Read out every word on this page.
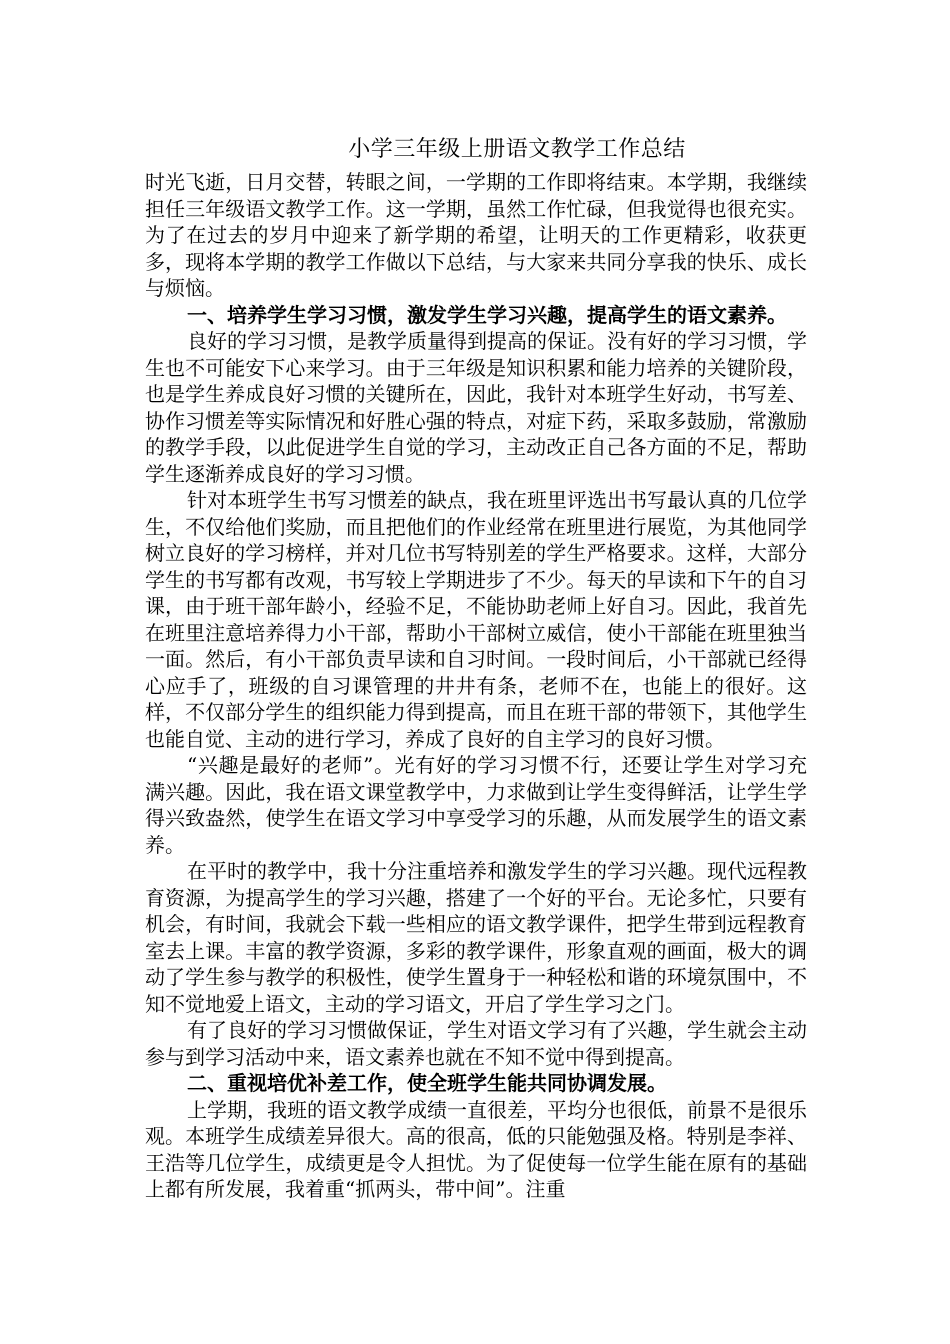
小学三年级上册语文教学工作总结

时光飞逝，日月交替，转眼之间，一学期的工作即将结束。本学期，我继续担任三年级语文教学工作。这一学期，虽然工作忙碌，但我觉得也很充实。为了在过去的岁月中迎来了新学期的希望，让明天的工作更精彩，收获更多，现将本学期的教学工作做以下总结，与大家来共同分享我的快乐、成长与烦恼。

一、培养学生学习习惯，激发学生学习兴趣，提高学生的语文素养。

良好的学习习惯，是教学质量得到提高的保证。没有好的学习习惯，学生也不可能安下心来学习。由于三年级是知识积累和能力培养的关键阶段，也是学生养成良好习惯的关键所在，因此，我针对本班学生好动，书写差、协作习惯差等实际情况和好胜心强的特点，对症下药，采取多鼓励，常激励的教学手段，以此促进学生自觉的学习，主动改正自己各方面的不足，帮助学生逐渐养成良好的学习习惯。

针对本班学生书写习惯差的缺点，我在班里评选出书写最认真的几位学生，不仅给他们奖励，而且把他们的作业经常在班里进行展览，为其他同学树立良好的学习榜样，并对几位书写特别差的学生严格要求。这样，大部分学生的书写都有改观，书写较上学期进步了不少。每天的早读和下午的自习课，由于班干部年龄小，经验不足，不能协助老师上好自习。因此，我首先在班里注意培养得力小干部，帮助小干部树立威信，使小干部能在班里独当一面。然后，有小干部负责早读和自习时间。一段时间后，小干部就已经得心应手了，班级的自习课管理的井井有条，老师不在，也能上的很好。这样，不仅部分学生的组织能力得到提高，而且在班干部的带领下，其他学生也能自觉、主动的进行学习，养成了良好的自主学习的良好习惯。

“兴趣是最好的老师”。光有好的学习习惯不行，还要让学生对学习充满兴趣。因此，我在语文课堂教学中，力求做到让学生变得鲜活，让学生学得兴致盎然，使学生在语文学习中享受学习的乐趣，从而发展学生的语文素养。

在平时的教学中，我十分注重培养和激发学生的学习兴趣。现代远程教育资源，为提高学生的学习兴趣，搭建了一个好的平台。无论多忙，只要有机会，有时间，我就会下载一些相应的语文教学课件，把学生带到远程教育室去上课。丰富的教学资源，多彩的教学课件，形象直观的画面，极大的调动了学生参与教学的积极性，使学生置身于一种轻松和谐的环境氛围中，不知不觉地爱上语文，主动的学习语文，开启了学生学习之门。

有了良好的学习习惯做保证，学生对语文学习有了兴趣，学生就会主动参与到学习活动中来，语文素养也就在不知不觉中得到提高。

二、重视培优补差工作，使全班学生能共同协调发展。

上学期，我班的语文教学成绩一直很差，平均分也很低，前景不是很乐观。本班学生成绩差异很大。高的很高，低的只能勉强及格。特别是李祥、王浩等几位学生，成绩更是令人担忧。为了促使每一位学生能在原有的基础上都有所发展，我着重“抓两头，带中间”。注重
